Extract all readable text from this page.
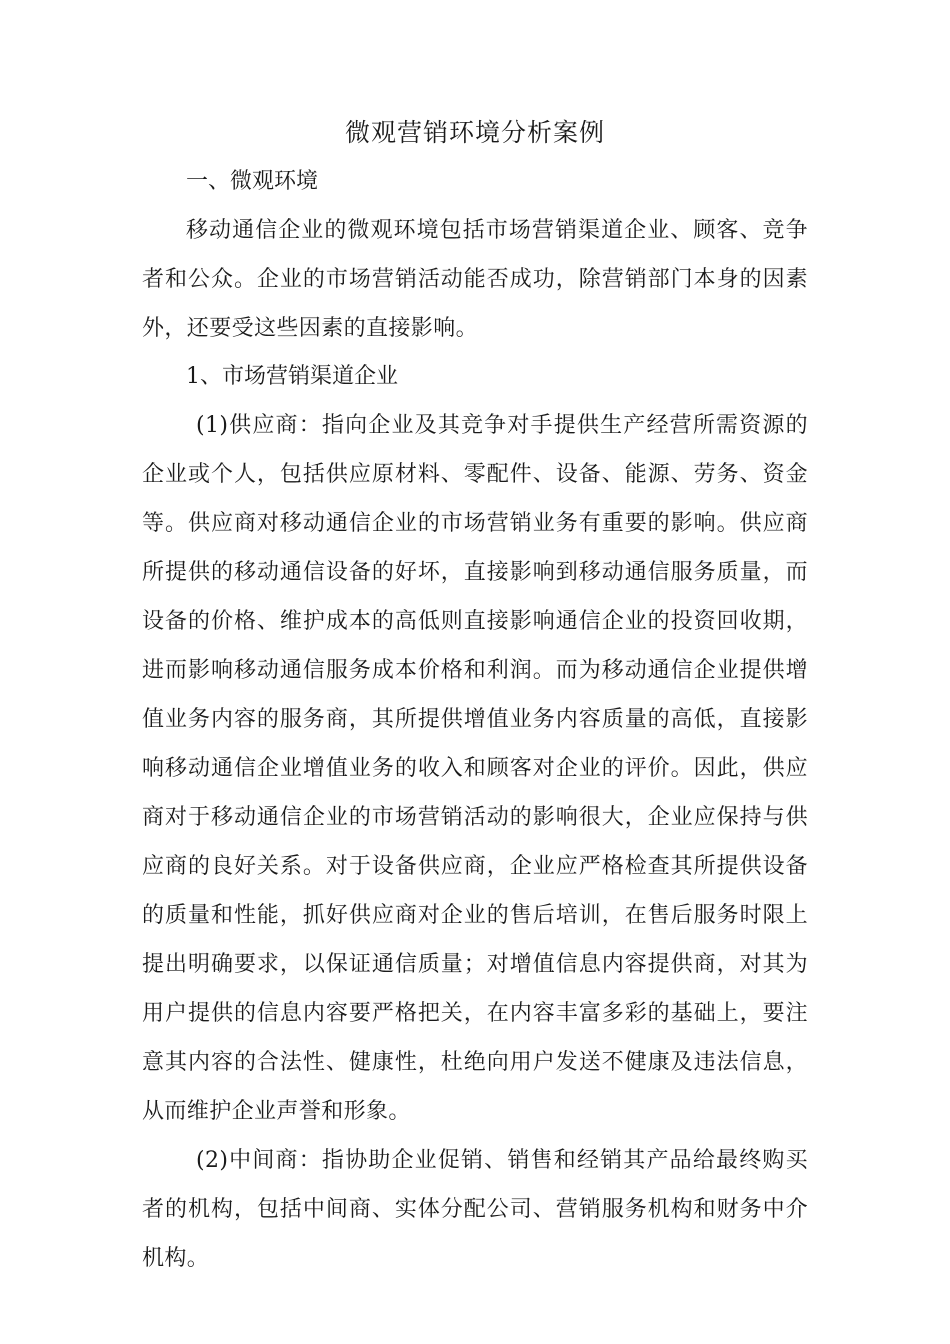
微观营销环境分析案例
一、微观环境

移动通信企业的微观环境包括市场营销渠道企业、顾客、竞争者和公众。企业的市场营销活动能否成功，除营销部门本身的因素外，还要受这些因素的直接影响。

1、市场营销渠道企业

(1)供应商：指向企业及其竞争对手提供生产经营所需资源的企业或个人，包括供应原材料、零配件、设备、能源、劳务、资金等。供应商对移动通信企业的市场营销业务有重要的影响。供应商所提供的移动通信设备的好坏，直接影响到移动通信服务质量，而设备的价格、维护成本的高低则直接影响通信企业的投资回收期，进而影响移动通信服务成本价格和利润。而为移动通信企业提供增值业务内容的服务商，其所提供增值业务内容质量的高低，直接影响移动通信企业增值业务的收入和顾客对企业的评价。因此，供应商对于移动通信企业的市场营销活动的影响很大，企业应保持与供应商的良好关系。对于设备供应商，企业应严格检查其所提供设备的质量和性能，抓好供应商对企业的售后培训，在售后服务时限上提出明确要求，以保证通信质量；对增值信息内容提供商，对其为用户提供的信息内容要严格把关，在内容丰富多彩的基础上，要注意其内容的合法性、健康性，杜绝向用户发送不健康及违法信息，从而维护企业声誉和形象。

(2)中间商：指协助企业促销、销售和经销其产品给最终购买者的机构，包括中间商、实体分配公司、营销服务机构和财务中介机构。
